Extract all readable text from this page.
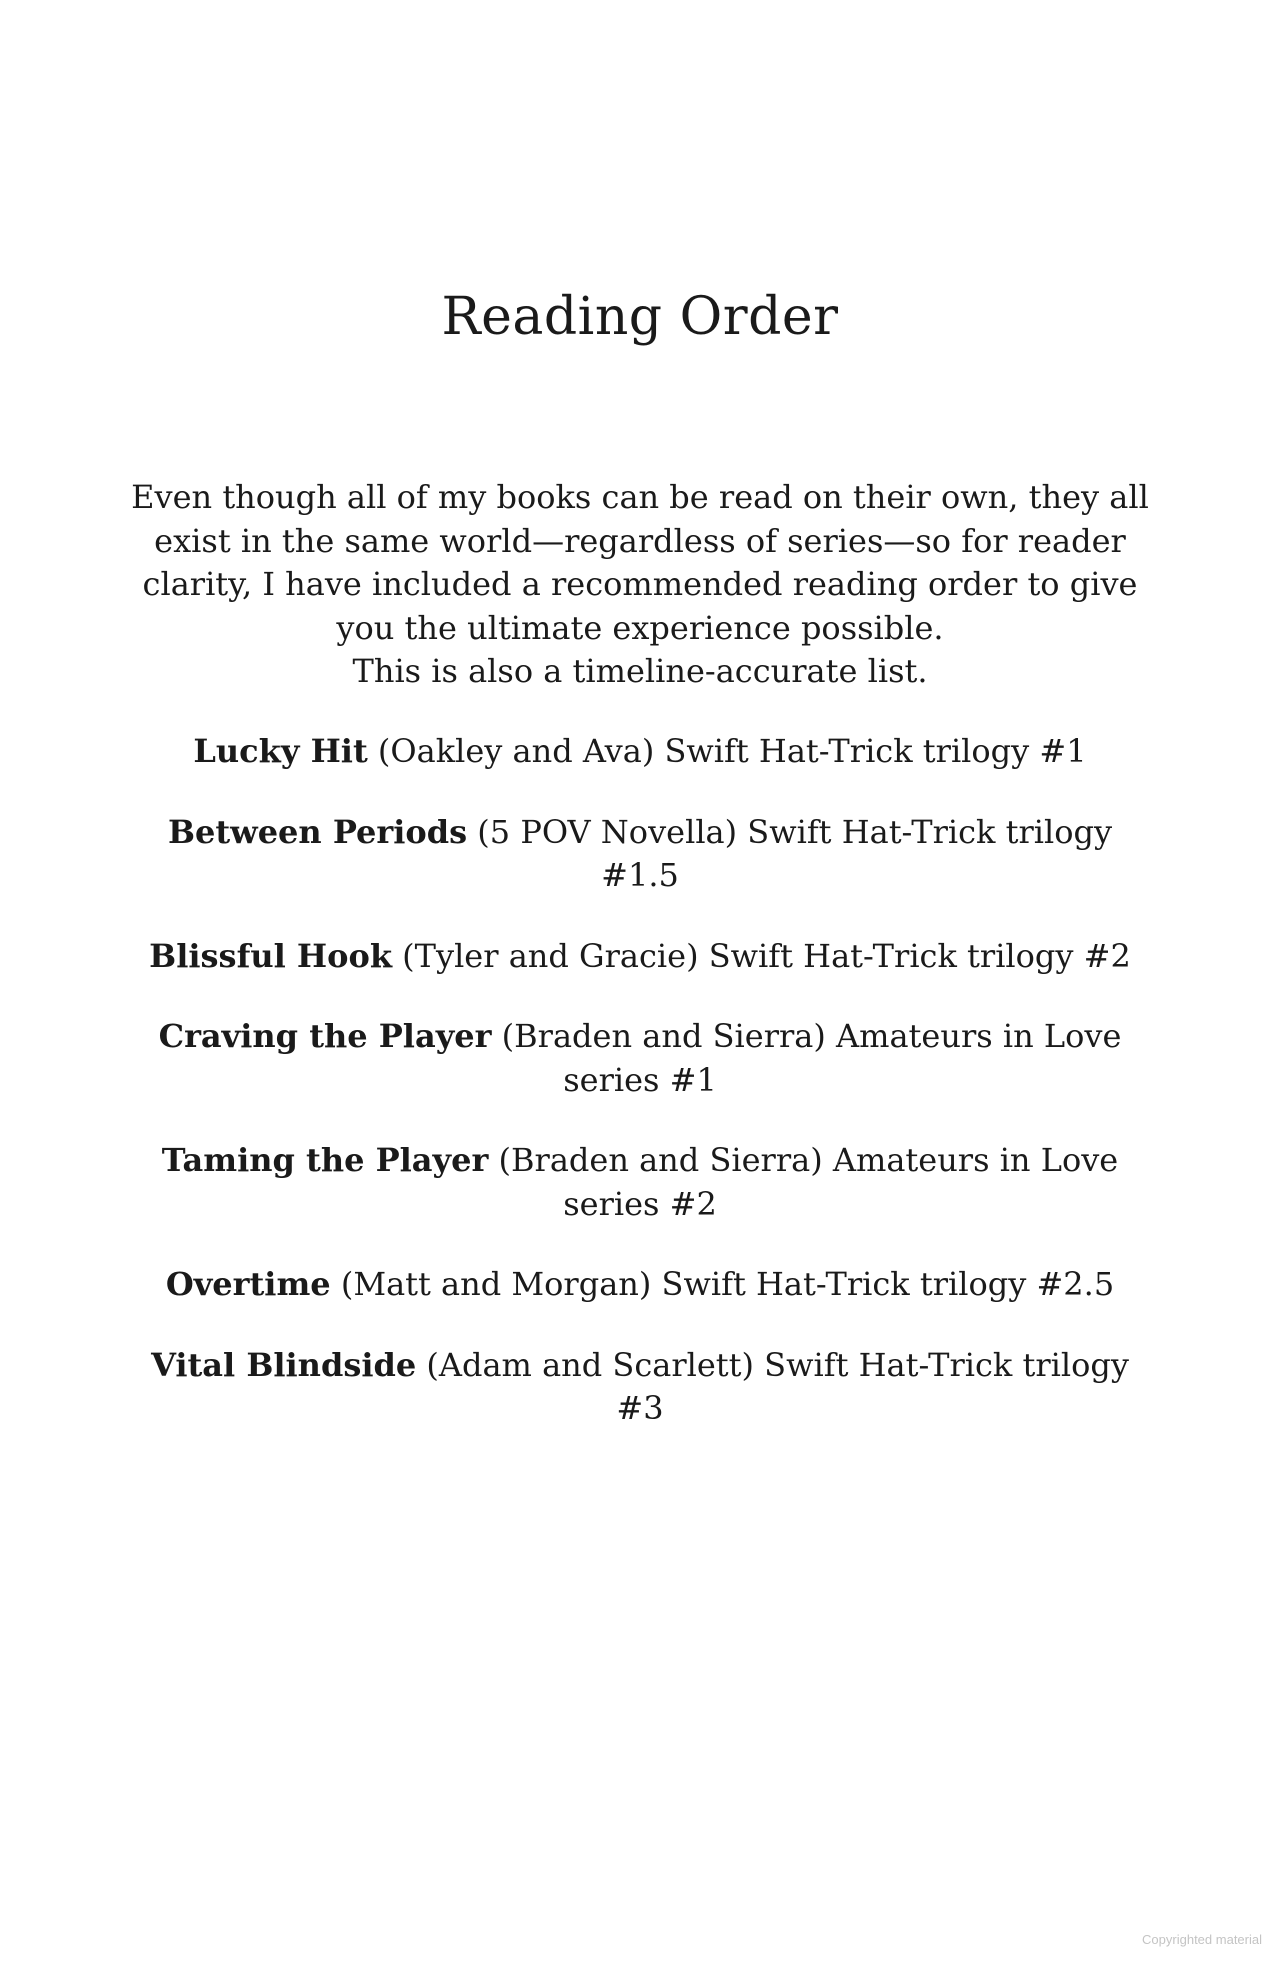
Reading Order

Even though all of my books can be read on their own, they all exist in the same world—regardless of series—so for reader clarity, I have included a recommended reading order to give you the ultimate experience possible.

This is also a timeline-accurate list.

Lucky Hit (Oakley and Ava) Swift Hat-Trick trilogy #1
Between Periods (5 POV Novella) Swift Hat-Trick trilogy #1.5
Blissful Hook (Tyler and Gracie) Swift Hat-Trick trilogy #2
Craving the Player (Braden and Sierra) Amateurs in Love series #1
Taming the Player (Braden and Sierra) Amateurs in Love series #2
Overtime (Matt and Morgan) Swift Hat-Trick trilogy #2.5
Vital Blindside (Adam and Scarlett) Swift Hat-Trick trilogy #3
Copyrighted material
